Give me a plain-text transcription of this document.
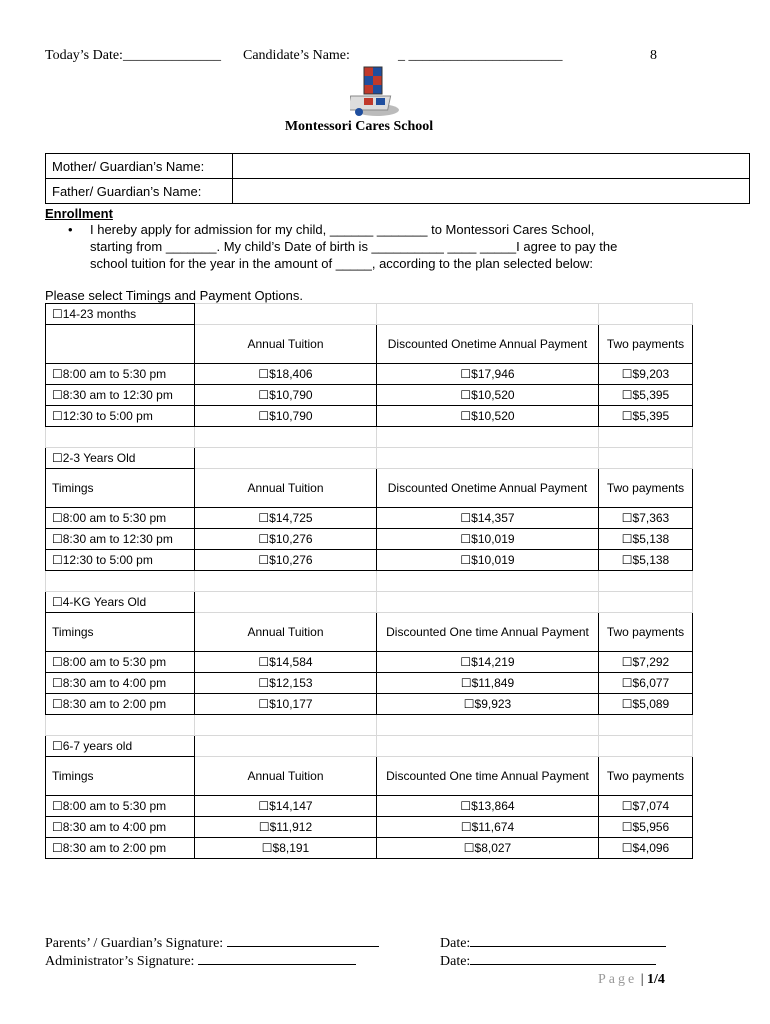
Today’s Date:______________ Candidate’s Name:	_ ______________________	8
Montessori Cares School
Mother/ Guardian’s Name:	
Father/ Guardian’s Name:	
Enrollment
• I hereby apply for admission for my child, ______ _______ to Montessori Cares School,
starting from _______. My child’s Date of birth is __________ ____ _____I agree to pay the
school tuition for the year in the amount of _____, according to the plan selected below:
Please select Timings and Payment Options.
☐14-23 months			
	Annual Tuition	Discounted Onetime Annual Payment	Two payments
☐8:00 am to 5:30 pm	☐$18,406	☐$17,946	☐$9,203
☐8:30 am to 12:30 pm	☐$10,790	☐$10,520	☐$5,395
☐12:30 to 5:00 pm	☐$10,790	☐$10,520	☐$5,395

☐2-3 Years Old			
Timings	Annual Tuition	Discounted Onetime Annual Payment	Two payments
☐8:00 am to 5:30 pm	☐$14,725	☐$14,357	☐$7,363
☐8:30 am to 12:30 pm	☐$10,276	☐$10,019	☐$5,138
☐12:30 to 5:00 pm	☐$10,276	☐$10,019	☐$5,138

☐4-KG Years Old			
Timings	Annual Tuition	Discounted One time Annual Payment	Two payments
☐8:00 am to 5:30 pm	☐$14,584	☐$14,219	☐$7,292
☐8:30 am to 4:00 pm	☐$12,153	☐$11,849	☐$6,077
☐8:30 am to 2:00 pm	☐$10,177	☐$9,923	☐$5,089

☐6-7 years old			
Timings	Annual Tuition	Discounted One time Annual Payment	Two payments
☐8:00 am to 5:30 pm	☐$14,147	☐$13,864	☐$7,074
☐8:30 am to 4:00 pm	☐$11,912	☐$11,674	☐$5,956
☐8:30 am to 2:00 pm	☐$8,191	☐$8,027	☐$4,096
Parents’ / Guardian’s Signature:	Date:
Administrator’s Signature:	Date:
Page | 1/4
